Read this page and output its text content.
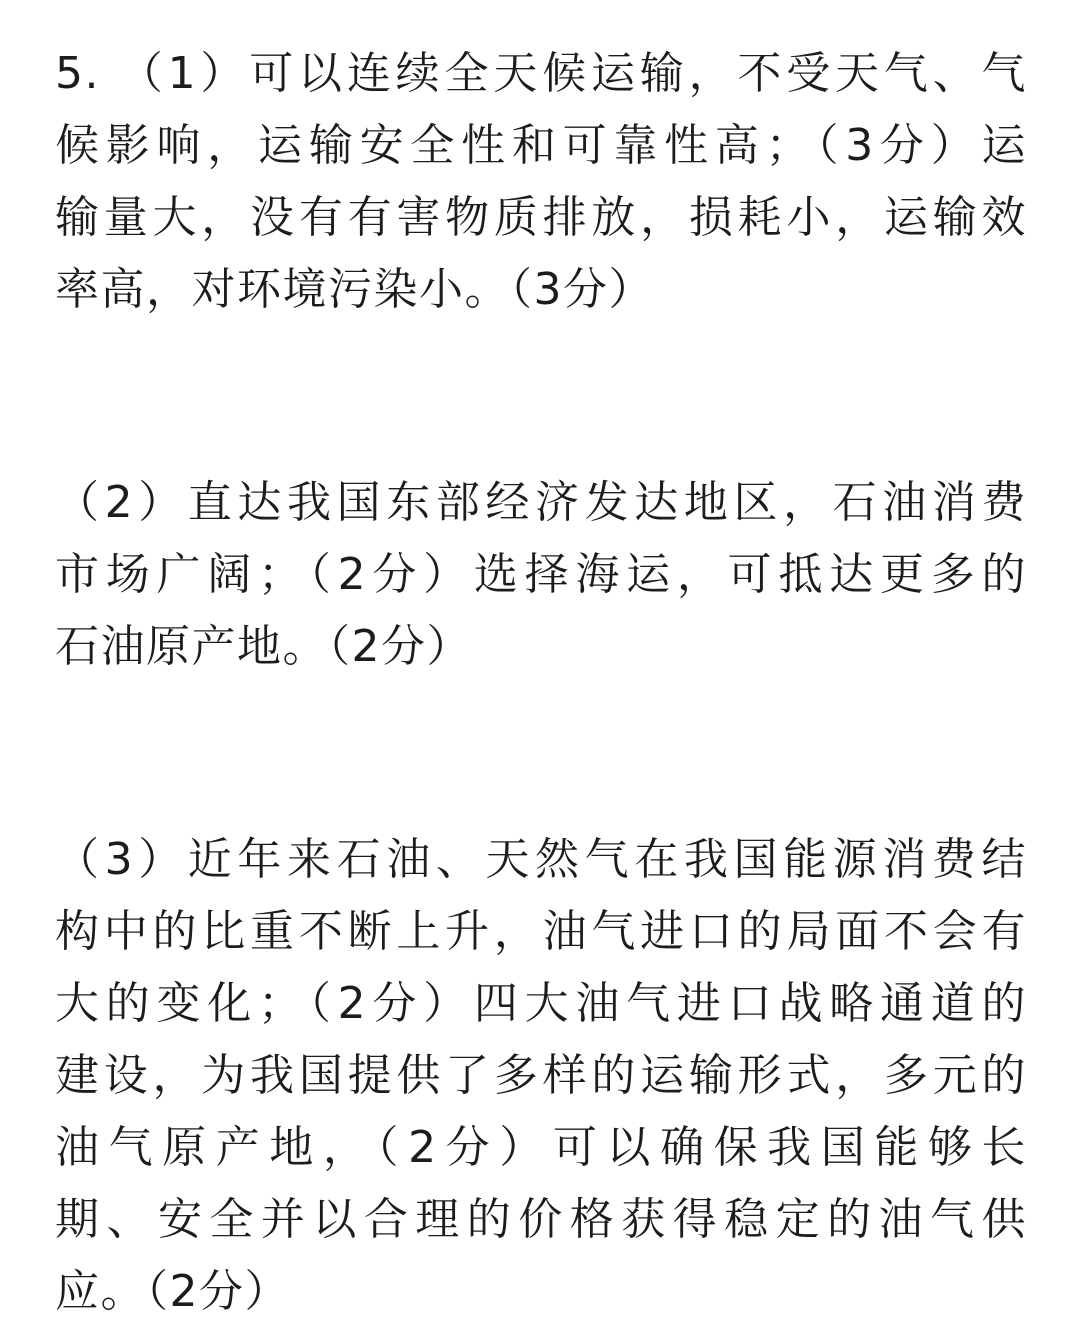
5. （1）可以连续全天候运输，不受天气、气
候影响，运输安全性和可靠性高；（3分）运
输量大，没有有害物质排放，损耗小，运输效
率高，对环境污染小。（3分）
（2）直达我国东部经济发达地区，石油消费
市场广阔；（2分）选择海运，可抵达更多的
石油原产地。（2分）
（3）近年来石油、天然气在我国能源消费结
构中的比重不断上升，油气进口的局面不会有
大的变化；（2分）四大油气进口战略通道的
建设，为我国提供了多样的运输形式，多元的
油气原产地，（2分）可以确保我国能够长
期、安全并以合理的价格获得稳定的油气供
应。（2分）
